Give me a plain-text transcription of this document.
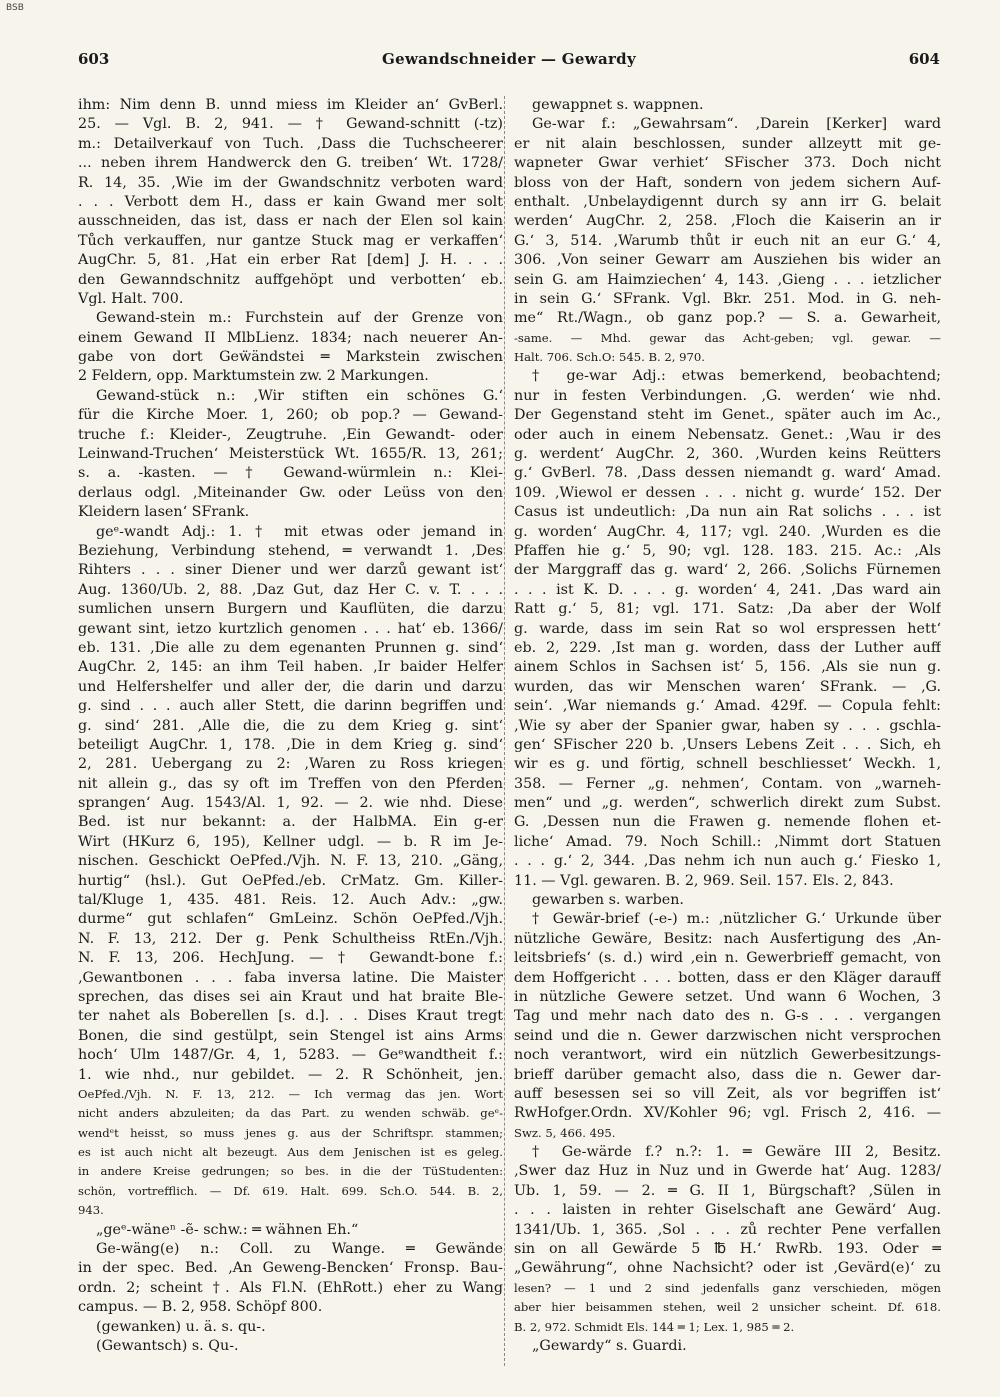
BSB
603	Gewandschneider — Gewardy	604
ihm: Nim denn B. unnd miess im Kleider an‘ GvBerl.
25. — Vgl. B. 2, 941. — † Gewand-schnitt (-tz)
m.: Detailverkauf von Tuch. ‚Dass die Tuchscheerer
... neben ihrem Handwerck den G. treiben‘ Wt. 1728/
R. 14, 35. ‚Wie im der Gwandschnitz verboten ward
. . . Verbott dem H., dass er kain Gwand mer solt
ausschneiden, das ist, dass er nach der Elen sol kain
Tůch verkauffen, nur gantze Stuck mag er verkaffen‘
AugChr. 5, 81. ‚Hat ein erber Rat [dem] J. H. . . .
den Gewanndschnitz auffgehöpt und verbotten‘ eb.
Vgl. Halt. 700.
Gewand-stein m.: Furchstein auf der Grenze von
einem Gewand II MlbLienz. 1834; nach neuerer An-
gabe von dort Geẅändstei ═ Markstein zwischen
2 Feldern, opp. Marktumstein zw. 2 Markungen.
Gewand-stück n.: ‚Wir stiften ein schönes G.‘
für die Kirche Moer. 1, 260; ob pop.? — Gewand-
truche f.: Kleider-, Zeugtruhe. ‚Ein Gewandt- oder
Leinwand-Truchen‘ Meisterstück Wt. 1655/R. 13, 261;
s. a. -kasten. — † Gewand-würmlein n.: Klei-
derlaus odgl. ‚Miteinander Gw. oder Leüss von den
Kleidern lasen‘ SFrank.
geᵉ-wandt Adj.: 1. † mit etwas oder jemand in
Beziehung, Verbindung stehend, ═ verwandt 1. ‚Des
Rihters . . . siner Diener und wer darzů gewant ist‘
Aug. 1360/Ub. 2, 88. ‚Daz Gut, daz Her C. v. T. . . .
sumlichen unsern Burgern und Kauflüten, die darzu
gewant sint, ietzo kurtzlich genomen . . . hat‘ eb. 1366/
eb. 131. ‚Die alle zu dem egenanten Prunnen g. sind‘
AugChr. 2, 145: an ihm Teil haben. ‚Ir baider Helfer
und Helfershelfer und aller der, die darin und darzu
g. sind . . . auch aller Stett, die darinn begriffen und
g. sind‘ 281. ‚Alle die, die zu dem Krieg g. sint‘
beteiligt AugChr. 1, 178. ‚Die in dem Krieg g. sind‘
2, 281. Uebergang zu 2: ‚Waren zu Ross kriegen
nit allein g., das sy oft im Treffen von den Pferden
sprangen‘ Aug. 1543/Al. 1, 92. — 2. wie nhd. Diese
Bed. ist nur bekannt: a. der HalbMA. Ein g-er
Wirt (HKurz 6, 195), Kellner udgl. — b. R im Je-
nischen. Geschickt OePfed./Vjh. N. F. 13, 210. „Gäng,
hurtig“ (hsl.). Gut OePfed./eb. CrMatz. Gm. Killer-
tal/Kluge 1, 435. 481. Reis. 12. Auch Adv.: „gw.
durme“ gut schlafen“ GmLeinz. Schön OePfed./Vjh.
N. F. 13, 212. Der g. Penk Schultheiss RtEn./Vjh.
N. F. 13, 206. HechJung. — † Gewandt-bone f.:
‚Gewantbonen . . . faba inversa latine. Die Maister
sprechen, das dises sei ain Kraut und hat braite Ble-
ter nahet als Boberellen [s. d.]. . . Dises Kraut tregt
Bonen, die sind gestülpt, sein Stengel ist ains Arms
hoch‘ Ulm 1487/Gr. 4, 1, 5283. — Geᵉwandtheit f.:
1. wie nhd., nur gebildet. — 2. R Schönheit, jen.
OePfed./Vjh. N. F. 13, 212. — Ich vermag das jen. Wort
nicht anders abzuleiten; da das Part. zu wenden schwäb. geᵉ-
wendᵉt heisst, so muss jenes g. aus der Schriftspr. stammen;
es ist auch nicht alt bezeugt. Aus dem Jenischen ist es geleg.
in andere Kreise gedrungen; so bes. in die der TüStudenten:
schön, vortrefflich. — Df. 619. Halt. 699. Sch.O. 544. B. 2,
943.
„geᵉ-wäneⁿ -ẽ- schw.: ═ wähnen Eh.“
Ge-wäng(e) n.: Coll. zu Wange. ═ Gewände
in der spec. Bed. ‚An Geweng-Bencken‘ Fronsp. Bau-
ordn. 2; scheint †. Als Fl.N. (EhRott.) eher zu Wang
campus. — B. 2, 958. Schöpf 800.
(gewanken) u. ä. s. qu-.
(Gewantsch) s. Qu-.
gewappnet s. wappnen.
Ge-war f.: „Gewahrsam“. ‚Darein [Kerker] ward
er nit alain beschlossen, sunder allzeytt mit ge-
wapneter Gwar verhiet‘ SFischer 373. Doch nicht
bloss von der Haft, sondern von jedem sichern Auf-
enthalt. ‚Unbelaydigennt durch sy ann irr G. belait
werden‘ AugChr. 2, 258. ‚Floch die Kaiserin an ir
G.‘ 3, 514. ‚Warumb thůt ir euch nit an eur G.‘ 4,
306. ‚Von seiner Gewarr am Ausziehen bis wider an
sein G. am Haimziechen‘ 4, 143. ‚Gieng . . . ietzlicher
in sein G.‘ SFrank. Vgl. Bkr. 251. Mod. in G. neh-
me“ Rt./Wagn., ob ganz pop.? — S. a. Gewarheit,
-same. — Mhd. gewar das Acht-geben; vgl. gewar. —
Halt. 706. Sch.O: 545. B. 2, 970.
† ge-war Adj.: etwas bemerkend, beobachtend;
nur in festen Verbindungen. ‚G. werden‘ wie nhd.
Der Gegenstand steht im Genet., später auch im Ac.,
oder auch in einem Nebensatz. Genet.: ‚Wau ir des
g. werdent‘ AugChr. 2, 360. ‚Wurden keins Reütters
g.‘ GvBerl. 78. ‚Dass dessen niemandt g. ward‘ Amad.
109. ‚Wiewol er dessen . . . nicht g. wurde‘ 152. Der
Casus ist undeutlich: ‚Da nun ain Rat solichs . . . ist
g. worden‘ AugChr. 4, 117; vgl. 240. ‚Wurden es die
Pfaffen hie g.‘ 5, 90; vgl. 128. 183. 215. Ac.: ‚Als
der Marggraff das g. ward‘ 2, 266. ‚Solichs Fürnemen
. . . ist K. D. . . . g. worden‘ 4, 241. ‚Das ward ain
Ratt g.‘ 5, 81; vgl. 171. Satz: ‚Da aber der Wolf
g. warde, dass im sein Rat so wol erspressen hett‘
eb. 2, 229. ‚Ist man g. worden, dass der Luther auff
ainem Schlos in Sachsen ist‘ 5, 156. ‚Als sie nun g.
wurden, das wir Menschen waren‘ SFrank. — ‚G.
sein‘. ‚War niemands g.‘ Amad. 429f. — Copula fehlt:
‚Wie sy aber der Spanier gwar, haben sy . . . gschla-
gen‘ SFischer 220 b. ‚Unsers Lebens Zeit . . . Sich, eh
wir es g. und förtig, schnell beschliesset‘ Weckh. 1,
358. — Ferner „g. nehmen‘, Contam. von „warneh-
men“ und „g. werden“, schwerlich direkt zum Subst.
G. ‚Dessen nun die Frawen g. nemende flohen et-
liche‘ Amad. 79. Noch Schill.: ‚Nimmt dort Statuen
. . . g.‘ 2, 344. ‚Das nehm ich nun auch g.‘ Fiesko 1,
11. — Vgl. gewaren. B. 2, 969. Seil. 157. Els. 2, 843.
gewarben s. warben.
† Gewär-brief (-e-) m.: ‚nützlicher G.‘ Urkunde über
nützliche Gewäre, Besitz: nach Ausfertigung des ‚An-
leitsbriefs‘ (s. d.) wird ‚ein n. Gewerbrieff gemacht, von
dem Hoffgericht . . . botten, dass er den Kläger darauff
in nützliche Gewere setzet. Und wann 6 Wochen, 3
Tag und mehr nach dato des n. G-s . . . vergangen
seind und die n. Gewer darzwischen nicht versprochen
noch verantwort, wird ein nützlich Gewerbesitzungs-
brieff darüber gemacht also, dass die n. Gewer dar-
auff besessen sei so vill Zeit, als vor begriffen ist‘
RwHofger.Ordn. XV/Kohler 96; vgl. Frisch 2, 416. —
Swz. 5, 466. 495.
† Ge-wärde f.? n.?: 1. ═ Gewäre III 2, Besitz.
‚Swer daz Huz in Nuz und in Gwerde hat‘ Aug. 1283/
Ub. 1, 59. — 2. ═ G. II 1, Bürgschaft? ‚Sülen in
. . . laisten in rehter Giselschaft ane Gewärd‘ Aug.
1341/Ub. 1, 365. ‚Sol . . . zů rechter Pene verfallen
sin on all Gewärde 5 ℔ H.‘ RwRb. 193. Oder ═
„Gewährung“, ohne Nachsicht? oder ist ‚Gevärd(e)‘ zu
lesen? — 1 und 2 sind jedenfalls ganz verschieden, mögen
aber hier beisammen stehen, weil 2 unsicher scheint. Df. 618.
B. 2, 972. Schmidt Els. 144 ═ 1; Lex. 1, 985 ═ 2.
„Gewardy“ s. Guardi.
